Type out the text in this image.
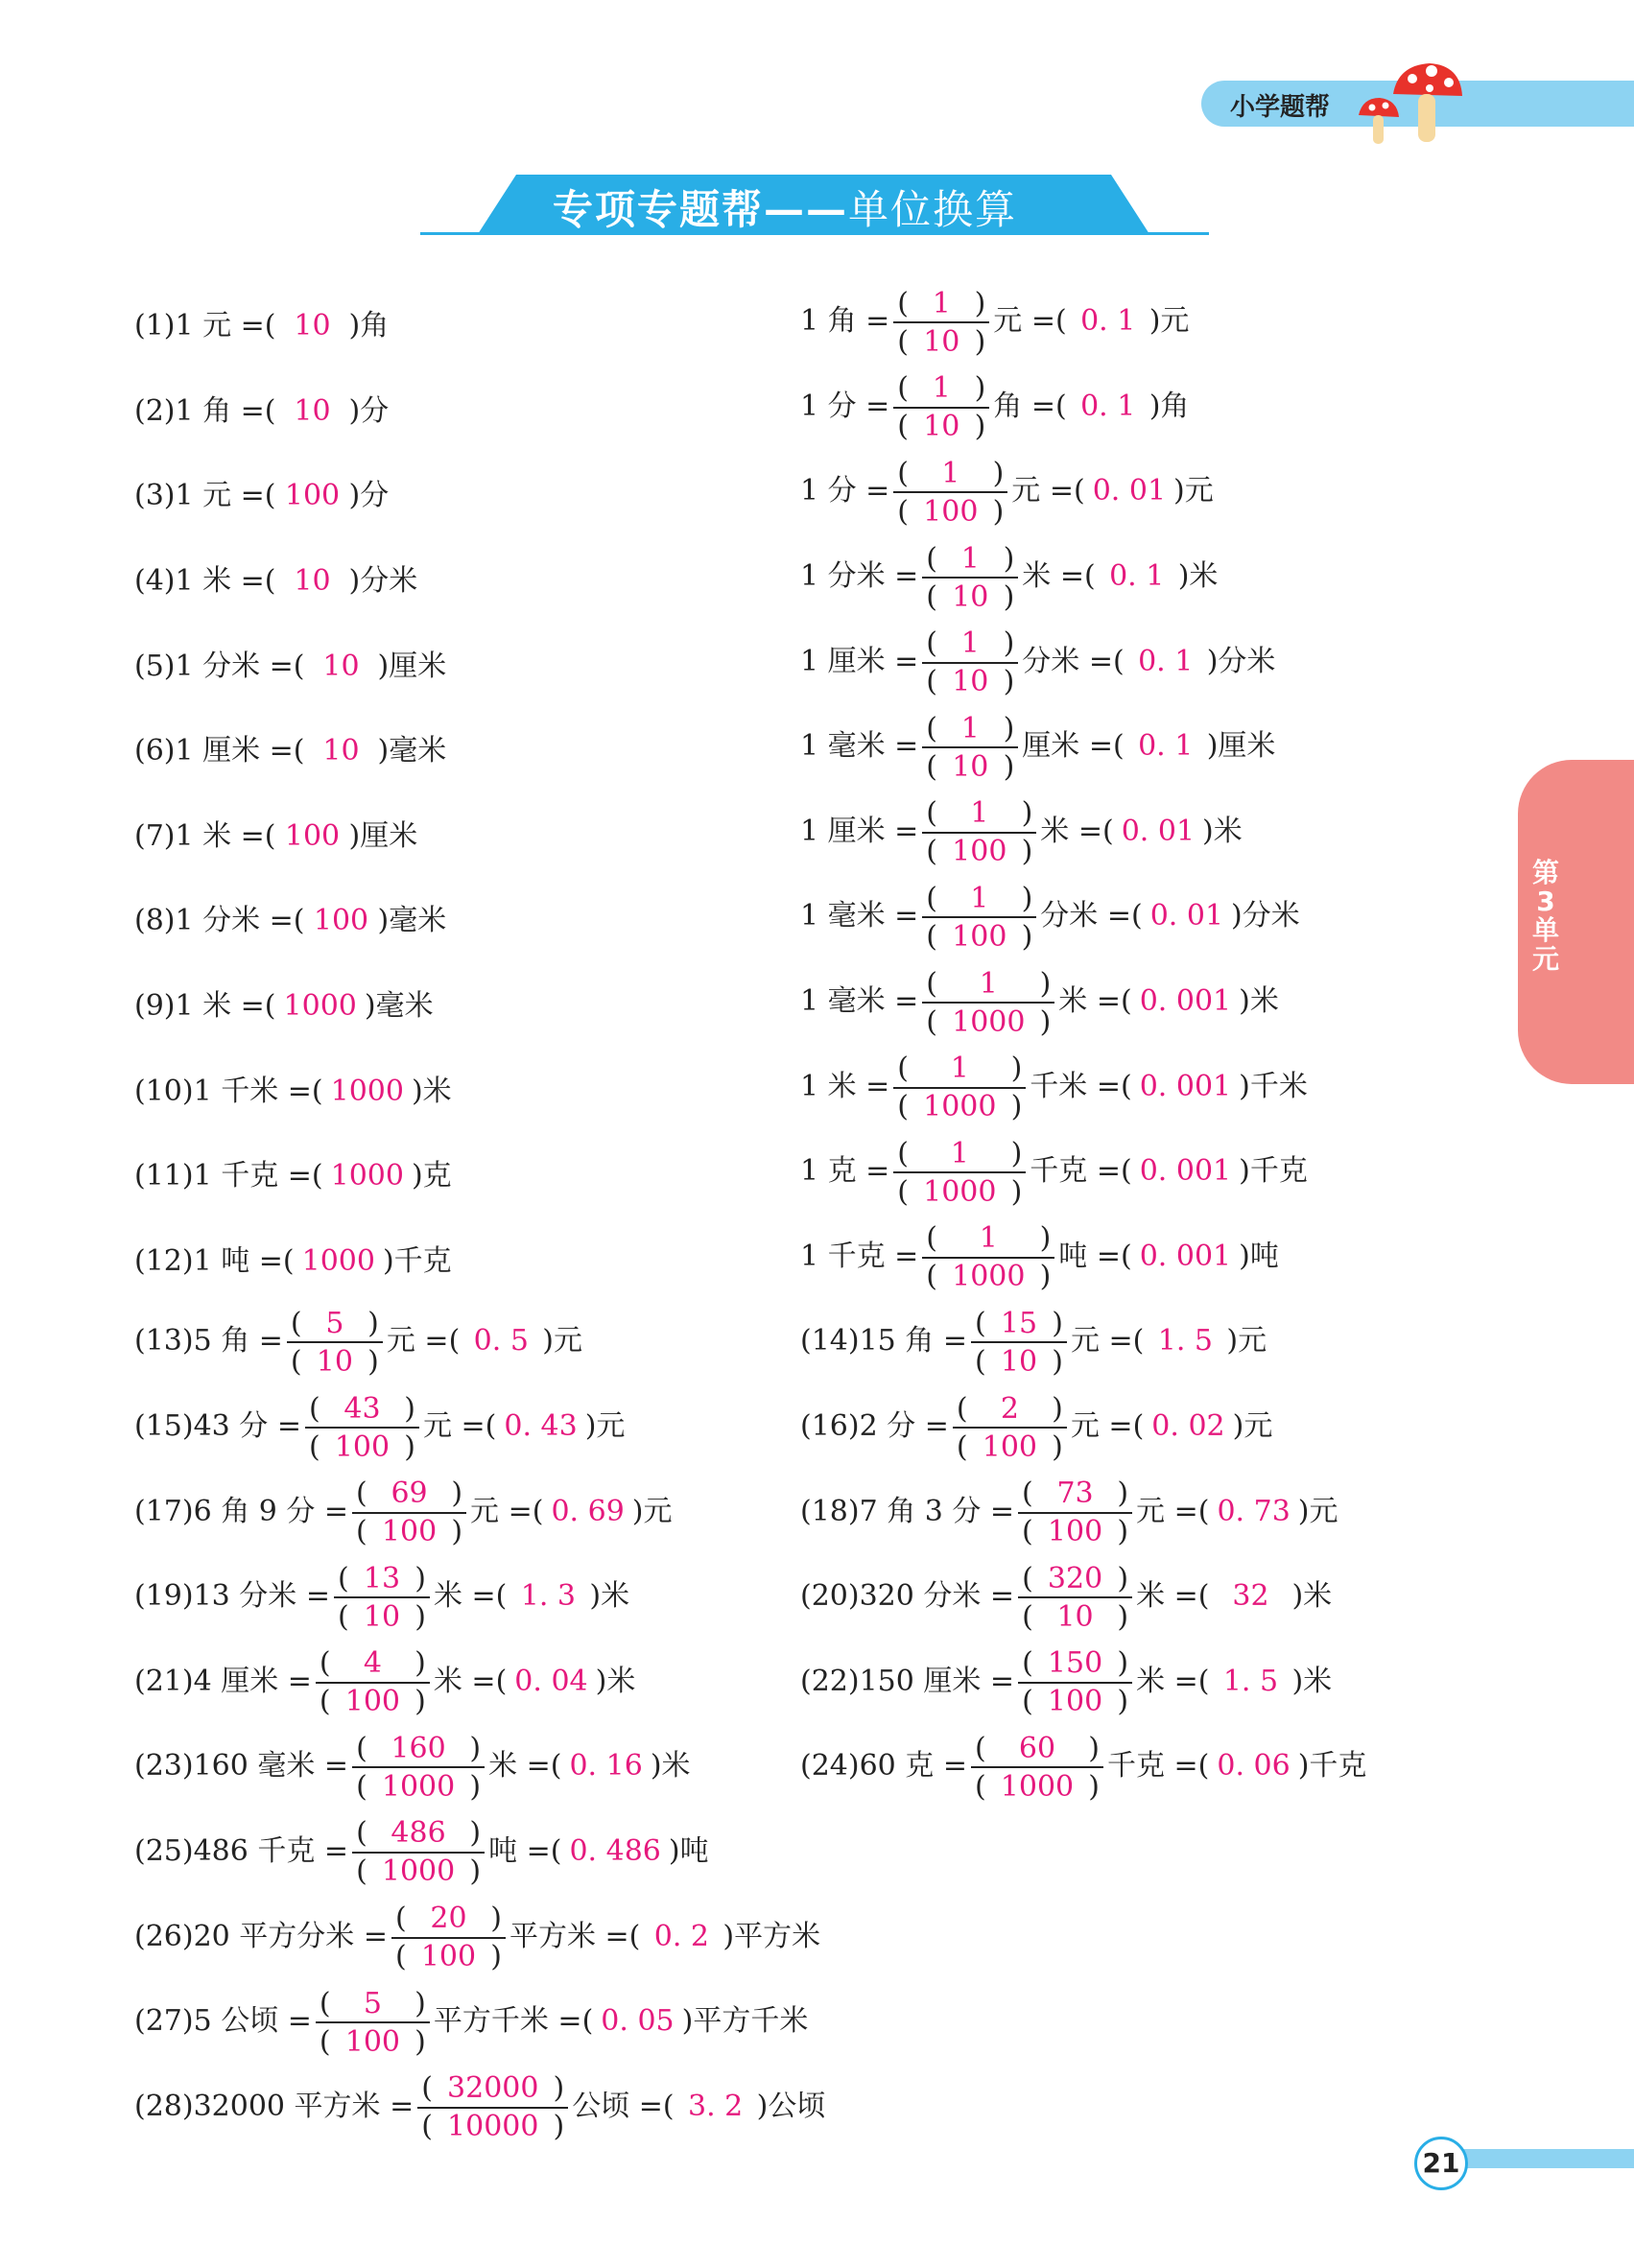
小学题帮
专项专题帮——单位换算
第3单元
(1)1 元 =( 10 )角
(2)1 角 =( 10 )分
(3)1 元 =( 100 )分
(4)1 米 =( 10 )分米
(5)1 分米 =( 10 )厘米
(6)1 厘米 =( 10 )毫米
(7)1 米 =( 100 )厘米
(8)1 分米 =( 100 )毫米
(9)1 米 =( 1000 )毫米
(10)1 千米 =( 1000 )米
(11)1 千克 =( 1000 )克
(12)1 吨 =( 1000 )千克
(13)5 角 = $\frac{( 5 )}{( 10 )}$ 元 =( 0. 5 )元
(15)43 分 = $\frac{( 43 )}{( 100 )}$ 元 =( 0. 43 )元
(17)6 角 9 分 = $\frac{( 69 )}{( 100 )}$ 元 =( 0. 69 )元
(19)13 分米 = $\frac{( 13 )}{( 10 )}$ 米 =( 1. 3 )米
(21)4 厘米 = (	4	)
( 100 ) 米 =( 0. 04 )米
(23)160 毫米 = $\frac{( 160 )}{( 1000 )}$ 米 =( 0. 16 )米
(25)486 千克 = $\frac{( 486 )}{( 1000 )}$ 吨 =( 0. 486 )吨
(26)20 平方分米 = $\frac{( 20 )}{( 100 )}$ 平方米 =( 0. 2 )平方米
(27)5 公顷 = (	5	)
( 100 ) 平方千米 =( 0. 05 )平方千米
(28)32000 平方米 = $\frac{( 32000 )}{( 10000 )}$ 公顷 =( 3. 2 )公顷
1 角 = $\frac{( 1 )}{( 10 )}$ 元 =( 0. 1 )元
1 分 = $\frac{( 1 )}{( 10 )}$ 角 =( 0. 1 )角
1 分 = (	1	)
( 100 ) 元 =( 0. 01 )元
1 分米 = $\frac{( 1 )}{( 10 )}$ 米 =( 0. 1 )米
1 厘米 = $\frac{( 1 )}{( 10 )}$ 分米 =( 0. 1 )分米
1 毫米 = $\frac{( 1 )}{( 10 )}$ 厘米 =( 0. 1 )厘米
1 厘米 = (	1	)
( 100 ) 米 =( 0. 01 )米
1 毫米 = (	1	)
( 100 ) 分米 =( 0. 01 )分米
1 毫米 = (	1	)
( 1000 ) 米 =( 0. 001 )米
1 米 = (	1	)
( 1000 ) 千米 =( 0. 001 )千米
1 克 = (	1	)
( 1000 ) 千克 =( 0. 001 )千克
1 千克 = (	1	)
( 1000 ) 吨 =( 0. 001 )吨
(14)15 角 = $\frac{( 15 )}{( 10 )}$ 元 =( 1. 5 )元
(16)2 分 = (	2	)
( 100 ) 元 =( 0. 02 )元
(18)7 角 3 分 = $\frac{( 73 )}{( 100 )}$ 元 =( 0. 73 )元
(20)320 分米 = $\frac{( 320 )}{( 10 )}$ 米 =( 32 )米
(22)150 厘米 = $\frac{( 150 )}{( 100 )}$ 米 =( 1. 5 )米
(24)60 克 = (	60	)
( 1000 ) 千克 =( 0. 06 )千克
21
